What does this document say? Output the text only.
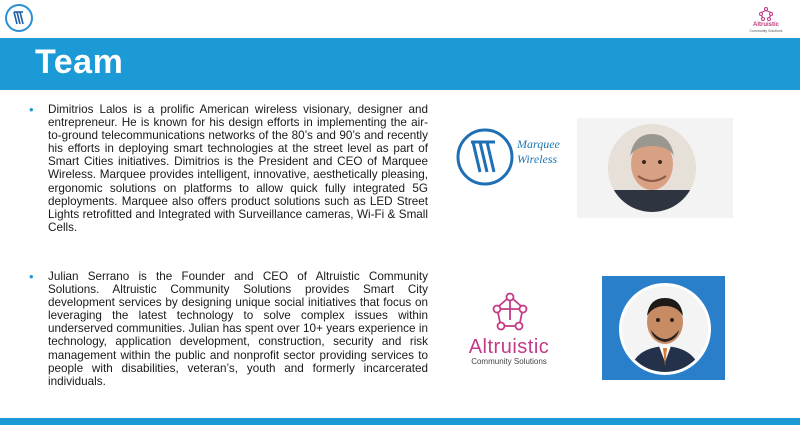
Altruistic
Community Solutions
Team
• Dimitrios Lalos is a prolific American wireless visionary, designer and entrepreneur. He is known for his design efforts in implementing the air-to-ground telecommunications networks of the 80’s and 90’s and recently his efforts in deploying smart technologies at the street level as part of Smart Cities initiatives. Dimitrios is the President and CEO of Marquee Wireless. Marquee provides intelligent, innovative, aesthetically pleasing, ergonomic solutions on platforms to allow quick fully integrated 5G deployments. Marquee also offers product solutions such as LED Street Lights retrofitted and Integrated with Surveillance cameras, Wi-Fi & Small Cells.
• Julian Serrano is the Founder and CEO of Altruistic Community Solutions. Altruistic Community Solutions provides Smart City development services by designing unique social initiatives that focus on leveraging the latest technology to solve complex issues within underserved communities. Julian has spent over 10+ years experience in technology, application development, construction, security and risk management within the public and nonprofit sector providing services to people with disabilities, veteran’s, youth and formerly incarcerated individuals.
Marquee
Wireless
Altruistic
Community Solutions
